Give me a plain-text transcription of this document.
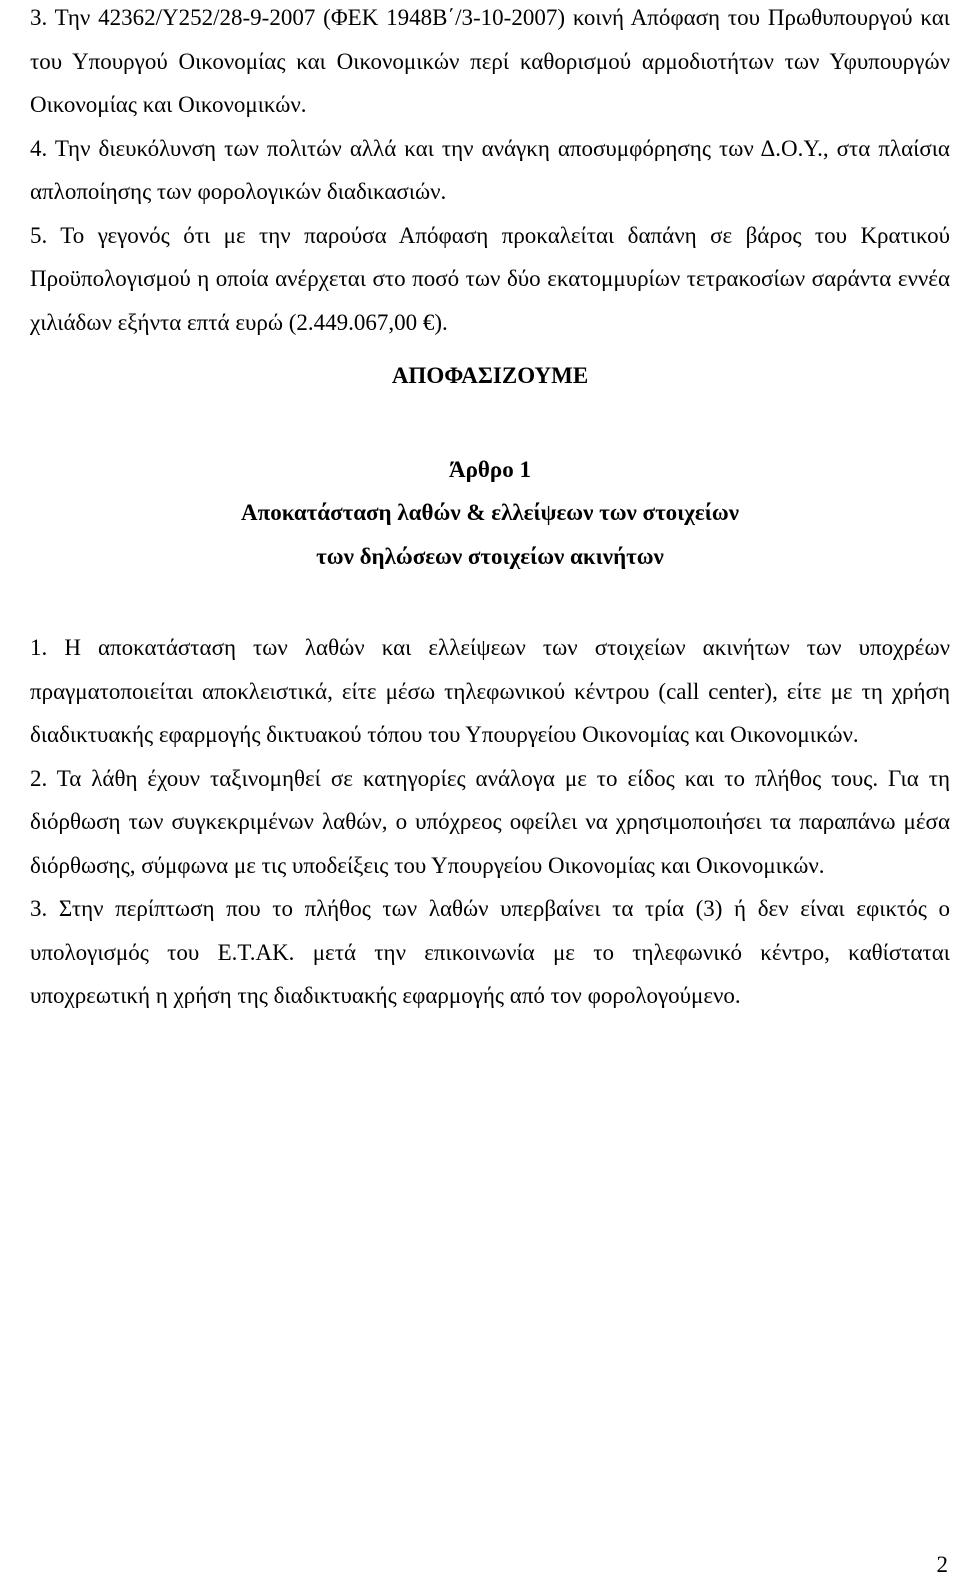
3. Την 42362/Υ252/28-9-2007 (ΦΕΚ 1948Β΄/3-10-2007) κοινή Απόφαση του Πρωθυπουργού και του Υπουργού Οικονομίας και Οικονομικών περί καθορισμού αρμοδιοτήτων των Υφυπουργών Οικονομίας και Οικονομικών.

4. Την διευκόλυνση των πολιτών αλλά και την ανάγκη αποσυμφόρησης των Δ.Ο.Υ., στα πλαίσια απλοποίησης των φορολογικών διαδικασιών.

5. Το γεγονός ότι με την παρούσα Απόφαση προκαλείται δαπάνη σε βάρος του Κρατικού Προϋπολογισμού η οποία ανέρχεται στο ποσό των δύο εκατομμυρίων τετρακοσίων σαράντα εννέα χιλιάδων εξήντα επτά ευρώ (2.449.067,00 €).

ΑΠΟΦΑΣΙΖΟΥΜΕ

Άρθρο 1

Αποκατάσταση λαθών & ελλείψεων των στοιχείων

των δηλώσεων στοιχείων ακινήτων

1. Η αποκατάσταση των λαθών και ελλείψεων των στοιχείων ακινήτων των υποχρέων πραγματοποιείται αποκλειστικά, είτε μέσω τηλεφωνικού κέντρου (call center), είτε με τη χρήση διαδικτυακής εφαρμογής δικτυακού τόπου του Υπουργείου Οικονομίας και Οικονομικών.

2. Τα λάθη έχουν ταξινομηθεί σε κατηγορίες ανάλογα με το είδος και το πλήθος τους. Για τη διόρθωση των συγκεκριμένων λαθών, ο υπόχρεος οφείλει να χρησιμοποιήσει τα παραπάνω μέσα διόρθωσης, σύμφωνα με τις υποδείξεις του Υπουργείου Οικονομίας και Οικονομικών.

3. Στην περίπτωση που το πλήθος των λαθών υπερβαίνει τα τρία (3) ή δεν είναι εφικτός ο υπολογισμός του Ε.Τ.ΑΚ. μετά την επικοινωνία με το τηλεφωνικό κέντρο, καθίσταται υποχρεωτική η χρήση της διαδικτυακής εφαρμογής από τον φορολογούμενο.

2
